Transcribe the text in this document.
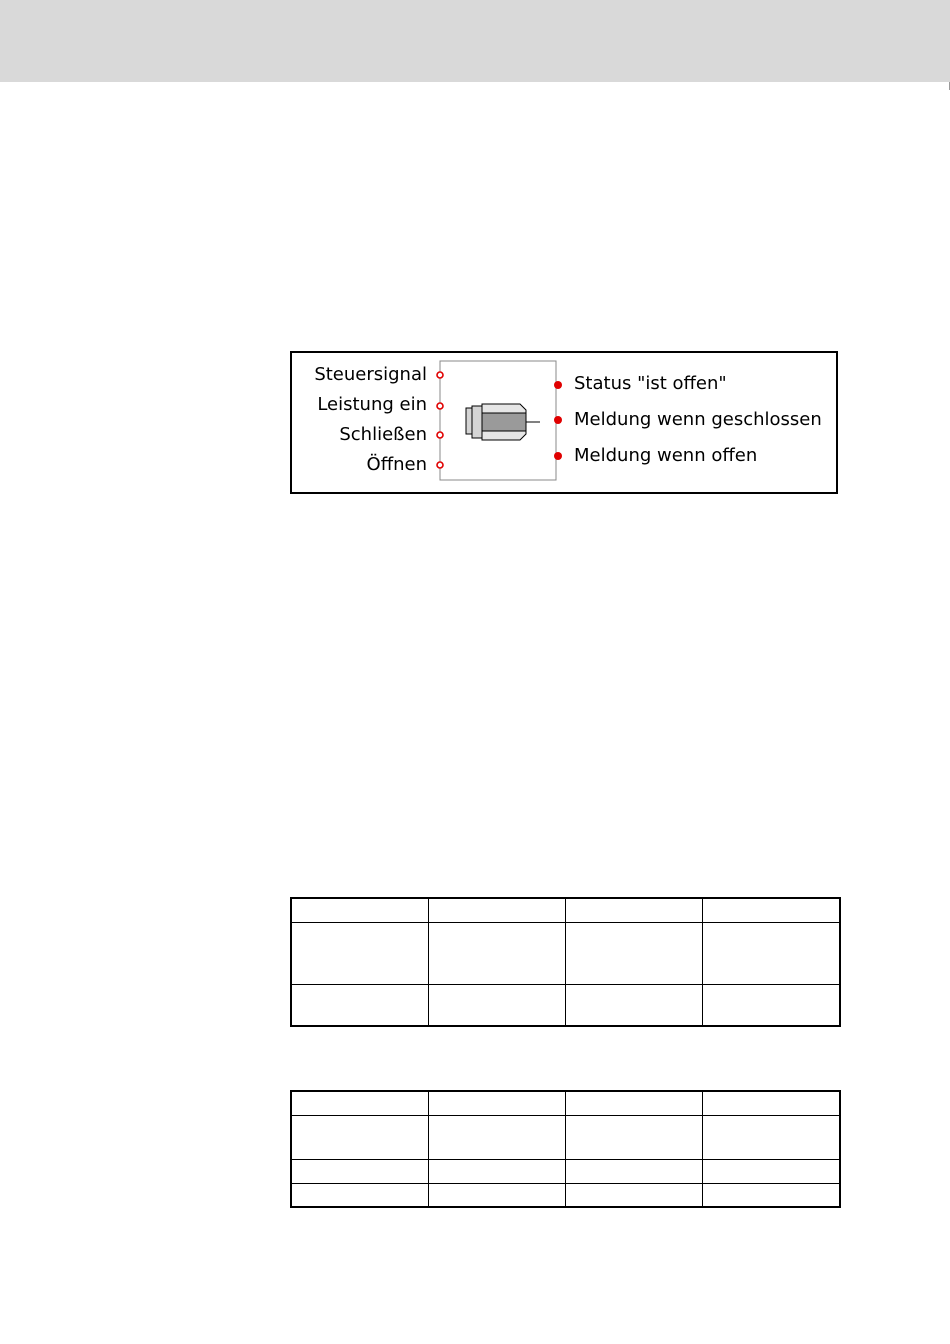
Steuersignal
Leistung ein
Schließen
Öffnen
Status "ist offen"
Meldung wenn geschlossen
Meldung wenn offen
